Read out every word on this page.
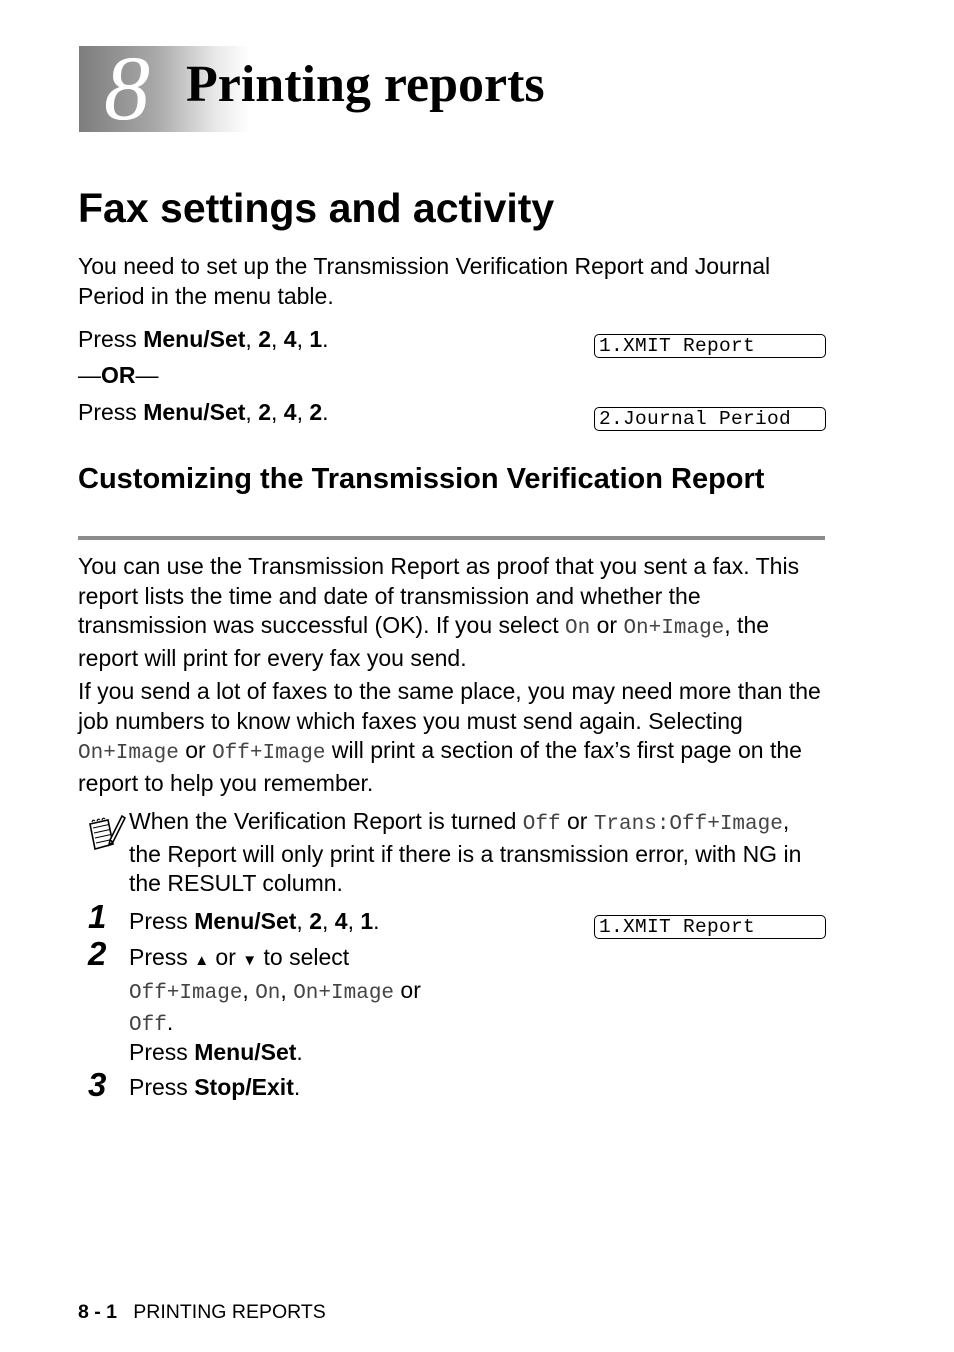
8 Printing reports
Fax settings and activity
You need to set up the Transmission Verification Report and Journal Period in the menu table.
Press Menu/Set, 2, 4, 1.	1.XMIT Report
—OR—
Press Menu/Set, 2, 4, 2.	2.Journal Period
Customizing the Transmission Verification Report
You can use the Transmission Report as proof that you sent a fax. This report lists the time and date of transmission and whether the transmission was successful (OK). If you select On or On+Image, the report will print for every fax you send.
If you send a lot of faxes to the same place, you may need more than the job numbers to know which faxes you must send again. Selecting On+Image or Off+Image will print a section of the fax’s first page on the report to help you remember.
When the Verification Report is turned Off or Trans:Off+Image, the Report will only print if there is a transmission error, with NG in the RESULT column.
1 Press Menu/Set, 2, 4, 1.	1.XMIT Report
2 Press ▲ or ▼ to select
Off+Image, On, On+Image or
Off.
Press Menu/Set.
3 Press Stop/Exit.
8 - 1 PRINTING REPORTS
